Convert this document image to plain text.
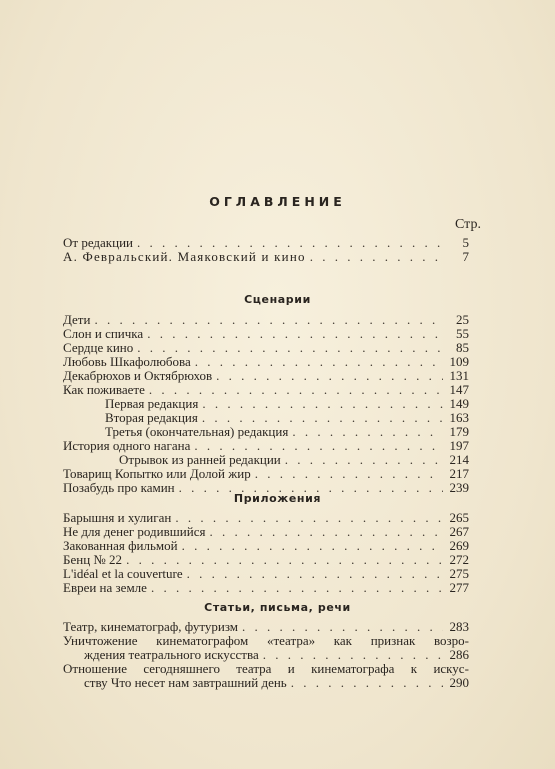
ОГЛАВЛЕНИЕ
Стр.
От редакции . . .	5
А. Февральский. Маяковский и кино . . .	7
Сценарии
Дети . . .	25
Слон и спичка . . .	55
Сердце кино . . .	85
Любовь Шкафолюбова . . .	109
Декабрюхов и Октябрюхов . . .	131
Как поживаете . . .	147
Первая редакция . . .	149
Вторая редакция . . .	163
Третья (окончательная) редакция . . .	179
История одного нагана . . .	197
Отрывок из ранней редакции . . .	214
Товарищ Копытко или Долой жир . . .	217
Позабудь про камин . . .	239
Приложения
Барышня и хулиган . . .	265
Не для денег родившийся . . .	267
Закованная фильмой . . .	269
Бенц № 22 . . .	272
L'idéal et la couverture . . .	275
Евреи на земле . . .	277
Статьи, письма, речи
Театр, кинематограф, футуризм . . .	283
Уничтожение кинематографом «театра» как признак возро-
ждения театрального искусства . . .	286
Отношение сегодняшнего театра и кинематографа к искус-
ству Что несет нам завтрашний день . . .	290
